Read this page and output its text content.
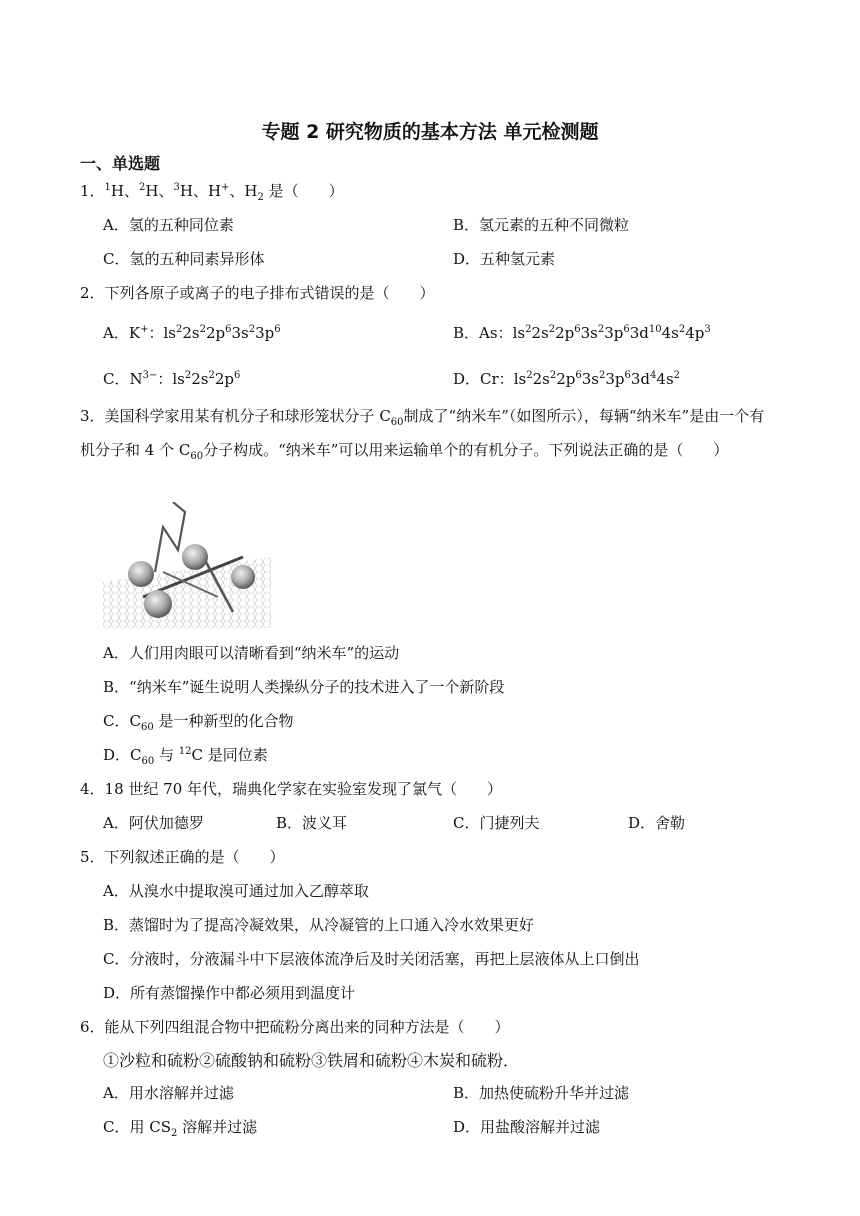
专题 2 研究物质的基本方法 单元检测题
一、单选题
1．$^1$H、$^2$H、$^3$H、H+、$H_2$ 是（　　）
A．氢的五种同位素	B．氢元素的五种不同微粒
C．氢的五种同素异形体	D．五种氢元素
2．下列各原子或离子的电子排布式错误的是（　　）
A．K+：$ls^22s^22p^63s^23p^6$	B．As：$ls^22s^22p^63s^23p^63d^{10}4s^24p^3$
C．$N^{3-}$：$ls^22s^22p^6$	D．Cr：$ls^22s^22p^63s^23p^63d^44s^2$
3．美国科学家用某有机分子和球形笼状分子 $C_{60}$制成了“纳米车”（如图所示），每辆“纳米车”是由一个有
机分子和 4 个 $C_{60}$分子构成。“纳米车”可以用来运输单个的有机分子。下列说法正确的是（　　）
A．人们用肉眼可以清晰看到“纳米车”的运动
B．“纳米车”诞生说明人类操纵分子的技术进入了一个新阶段
C．$C_{60}$ 是一种新型的化合物
D．$C_{60}$ 与 $^{12}$C 是同位素
4．18 世纪 70 年代，瑞典化学家在实验室发现了氯气（　　）
A．阿伏加德罗	B．波义耳	C．门捷列夫	D．舍勒
5．下列叙述正确的是（　　）
A．从溴水中提取溴可通过加入乙醇萃取
B．蒸馏时为了提高冷凝效果，从冷凝管的上口通入冷水效果更好
C．分液时，分液漏斗中下层液体流净后及时关闭活塞，再把上层液体从上口倒出
D．所有蒸馏操作中都必须用到温度计
6．能从下列四组混合物中把硫粉分离出来的同种方法是（　　）
①沙粒和硫粉②硫酸钠和硫粉③铁屑和硫粉④木炭和硫粉．
A．用水溶解并过滤	B．加热使硫粉升华并过滤
C．用 $CS_2$ 溶解并过滤	D．用盐酸溶解并过滤
